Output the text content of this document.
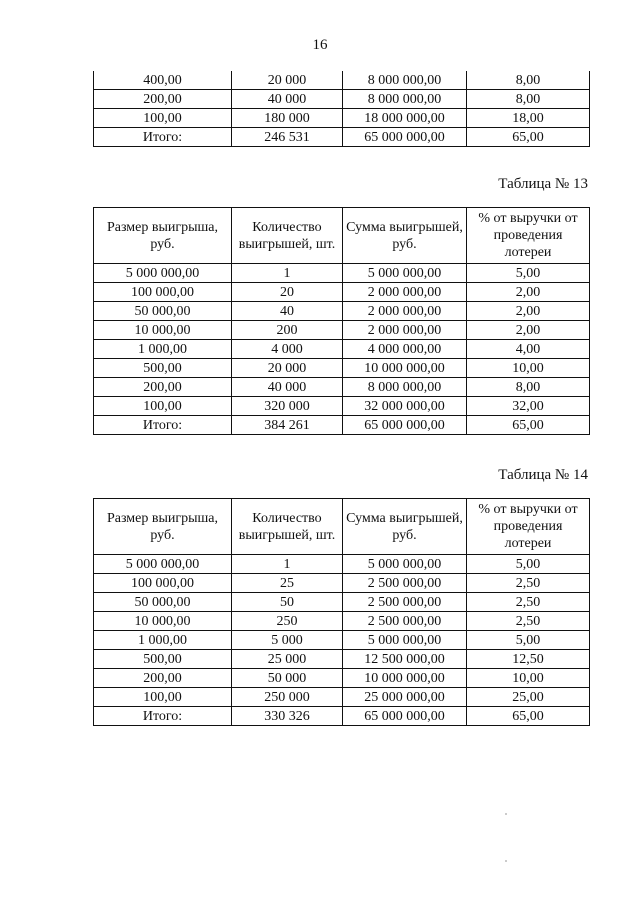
16
400,00	20 000	8 000 000,00	8,00
200,00	40 000	8 000 000,00	8,00
100,00	180 000	18 000 000,00	18,00
Итого:	246 531	65 000 000,00	65,00
Таблица № 13
Размер выигрыша, руб.	Количество выигрышей, шт.	Сумма выигрышей, руб.	% от выручки от проведения лотереи
5 000 000,00	1	5 000 000,00	5,00
100 000,00	20	2 000 000,00	2,00
50 000,00	40	2 000 000,00	2,00
10 000,00	200	2 000 000,00	2,00
1 000,00	4 000	4 000 000,00	4,00
500,00	20 000	10 000 000,00	10,00
200,00	40 000	8 000 000,00	8,00
100,00	320 000	32 000 000,00	32,00
Итого:	384 261	65 000 000,00	65,00
Таблица № 14
Размер выигрыша, руб.	Количество выигрышей, шт.	Сумма выигрышей, руб.	% от выручки от проведения лотереи
5 000 000,00	1	5 000 000,00	5,00
100 000,00	25	2 500 000,00	2,50
50 000,00	50	2 500 000,00	2,50
10 000,00	250	2 500 000,00	2,50
1 000,00	5 000	5 000 000,00	5,00
500,00	25 000	12 500 000,00	12,50
200,00	50 000	10 000 000,00	10,00
100,00	250 000	25 000 000,00	25,00
Итого:	330 326	65 000 000,00	65,00
